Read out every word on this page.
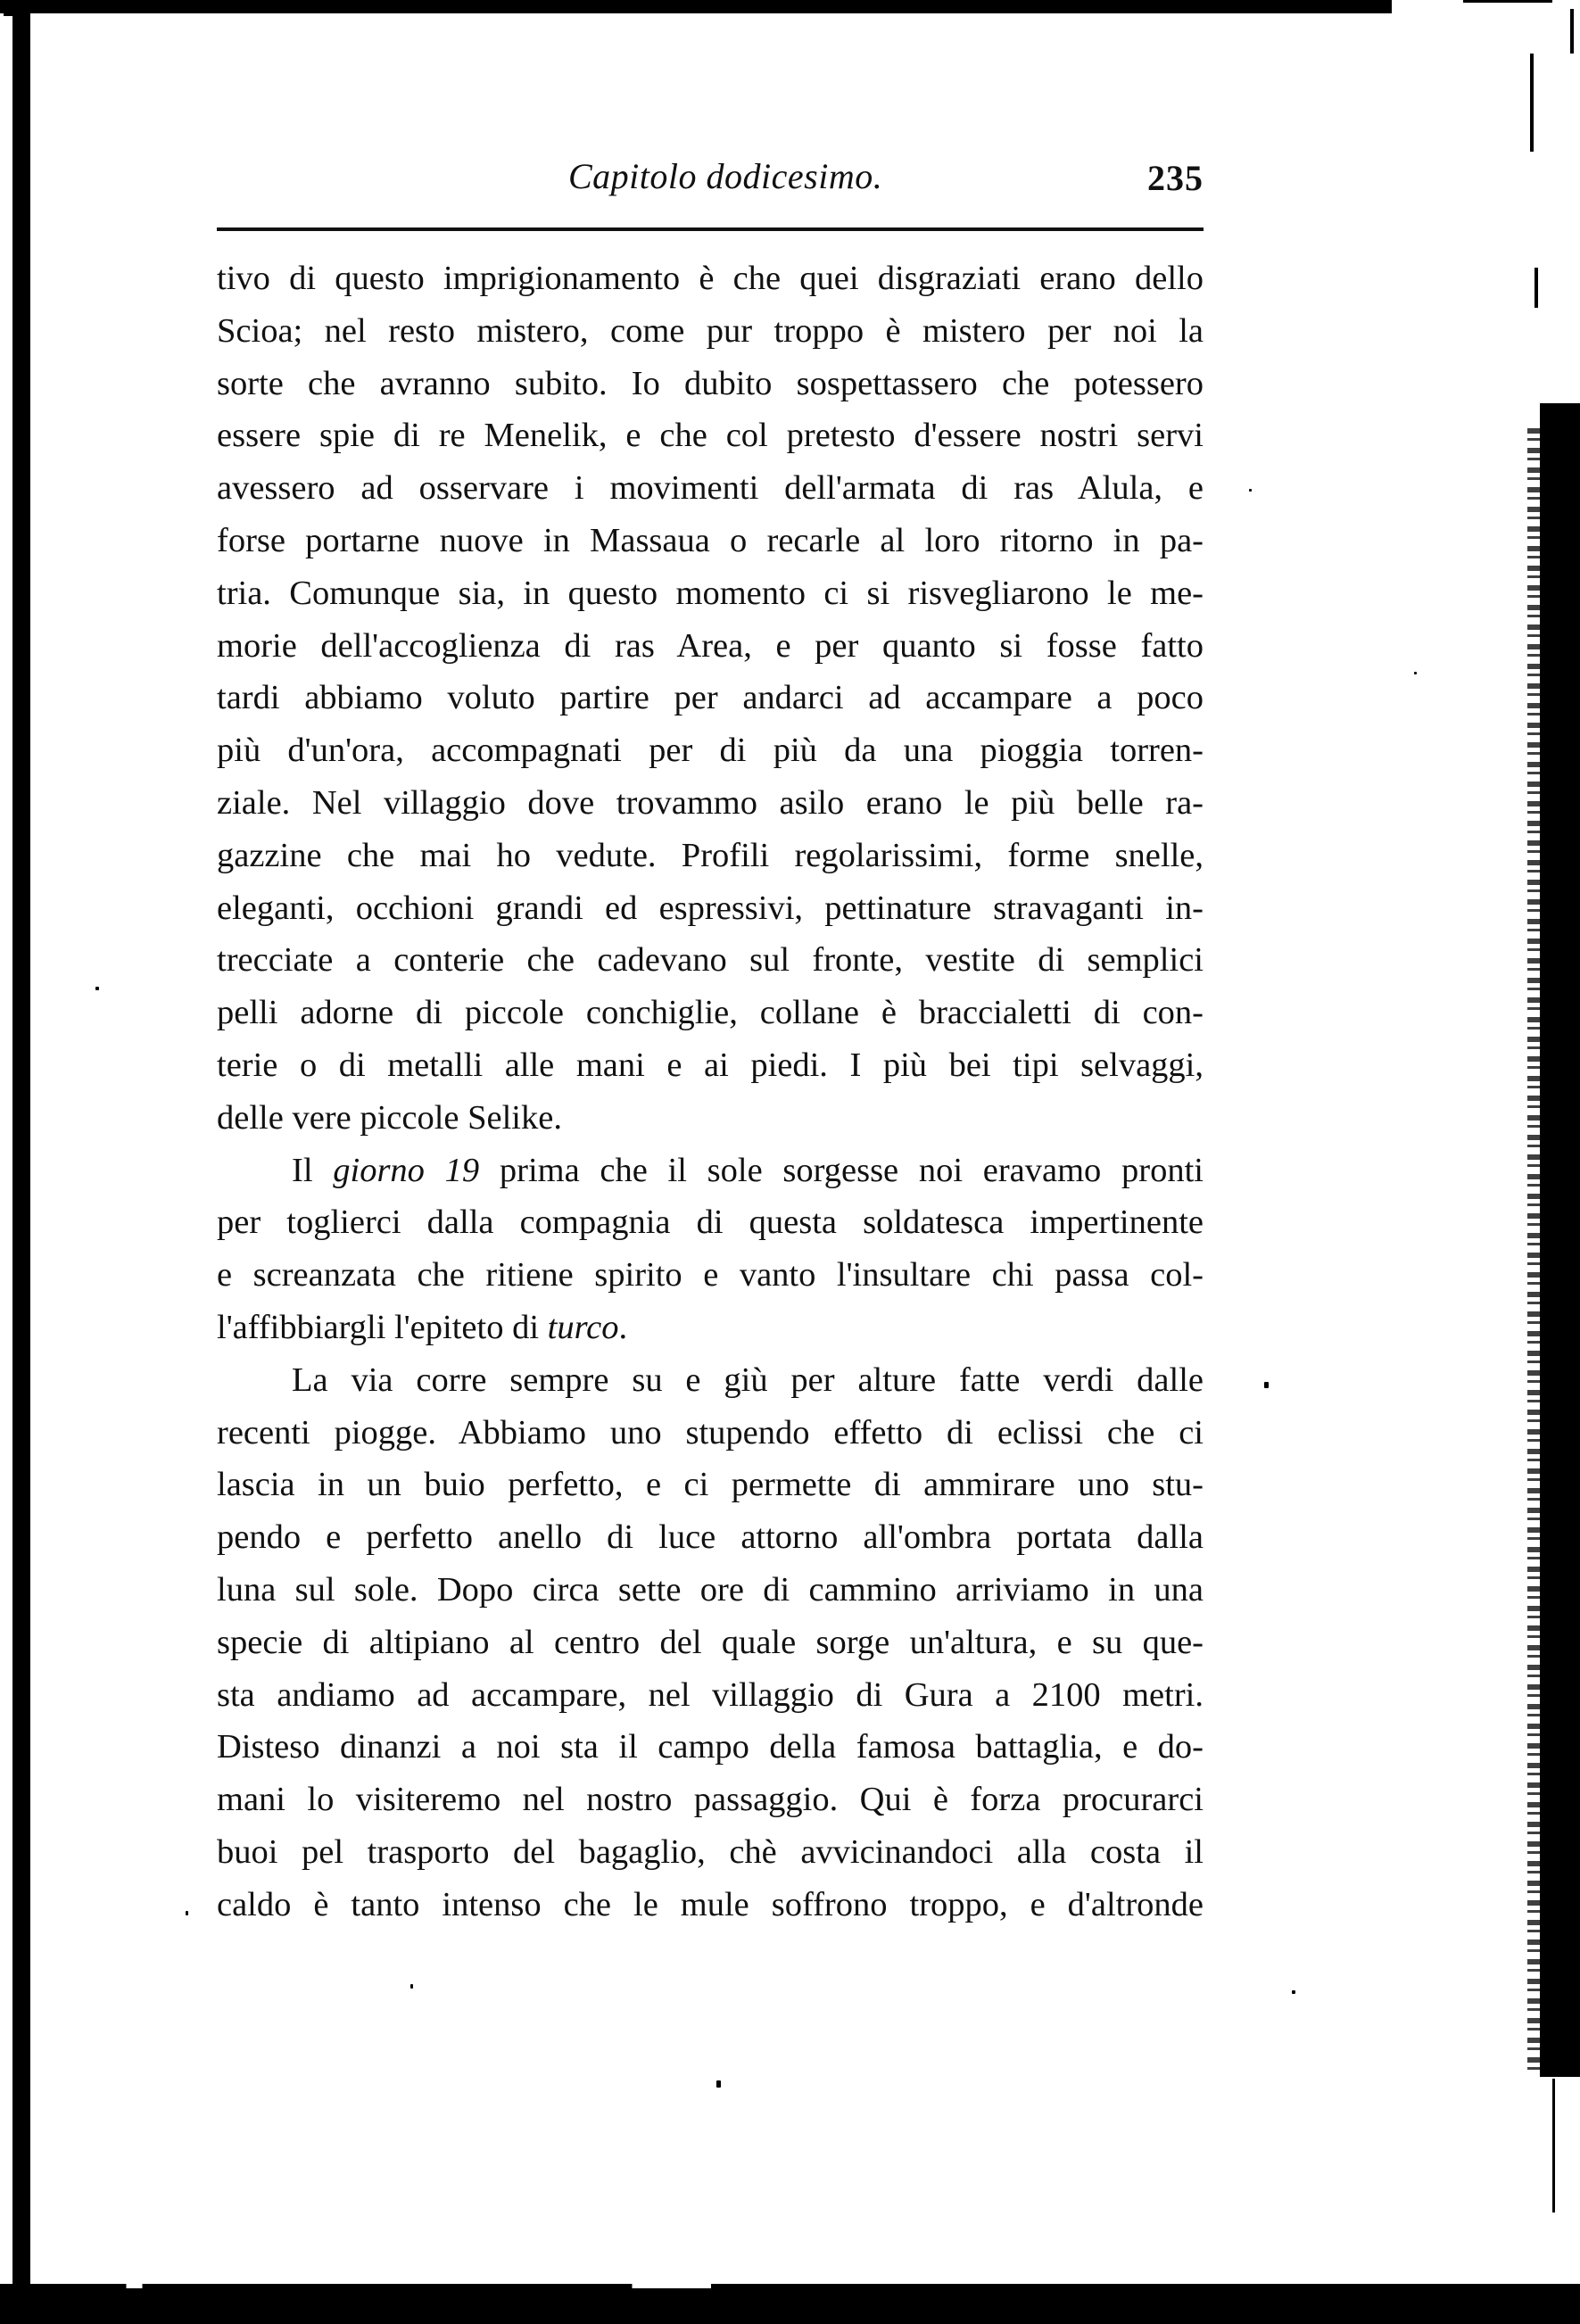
Capitolo dodicesimo.	235
tivo di questo imprigionamento è che quei disgraziati erano dello
Scioa; nel resto mistero, come pur troppo è mistero per noi la
sorte che avranno subito. Io dubito sospettassero che potessero
essere spie di re Menelik, e che col pretesto d'essere nostri servi
avessero ad osservare i movimenti dell'armata di ras Alula, e
forse portarne nuove in Massaua o recarle al loro ritorno in pa-
tria. Comunque sia, in questo momento ci si risvegliarono le me-
morie dell'accoglienza di ras Area, e per quanto si fosse fatto
tardi abbiamo voluto partire per andarci ad accampare a poco
più d'un'ora, accompagnati per di più da una pioggia torren-
ziale. Nel villaggio dove trovammo asilo erano le più belle ra-
gazzine che mai ho vedute. Profili regolarissimi, forme snelle,
eleganti, occhioni grandi ed espressivi, pettinature stravaganti in-
trecciate a conterie che cadevano sul fronte, vestite di semplici
pelli adorne di piccole conchiglie, collane è braccialetti di con-
terie o di metalli alle mani e ai piedi. I più bei tipi selvaggi,
delle vere piccole Selike.
Il giorno 19 prima che il sole sorgesse noi eravamo pronti
per toglierci dalla compagnia di questa soldatesca impertinente
e screanzata che ritiene spirito e vanto l'insultare chi passa col-
l'affibbiargli l'epiteto di turco.
La via corre sempre su e giù per alture fatte verdi dalle
recenti piogge. Abbiamo uno stupendo effetto di eclissi che ci
lascia in un buio perfetto, e ci permette di ammirare uno stu-
pendo e perfetto anello di luce attorno all'ombra portata dalla
luna sul sole. Dopo circa sette ore di cammino arriviamo in una
specie di altipiano al centro del quale sorge un'altura, e su que-
sta andiamo ad accampare, nel villaggio di Gura a 2100 metri.
Disteso dinanzi a noi sta il campo della famosa battaglia, e do-
mani lo visiteremo nel nostro passaggio. Qui è forza procurarci
buoi pel trasporto del bagaglio, chè avvicinandoci alla costa il
caldo è tanto intenso che le mule soffrono troppo, e d'altronde
